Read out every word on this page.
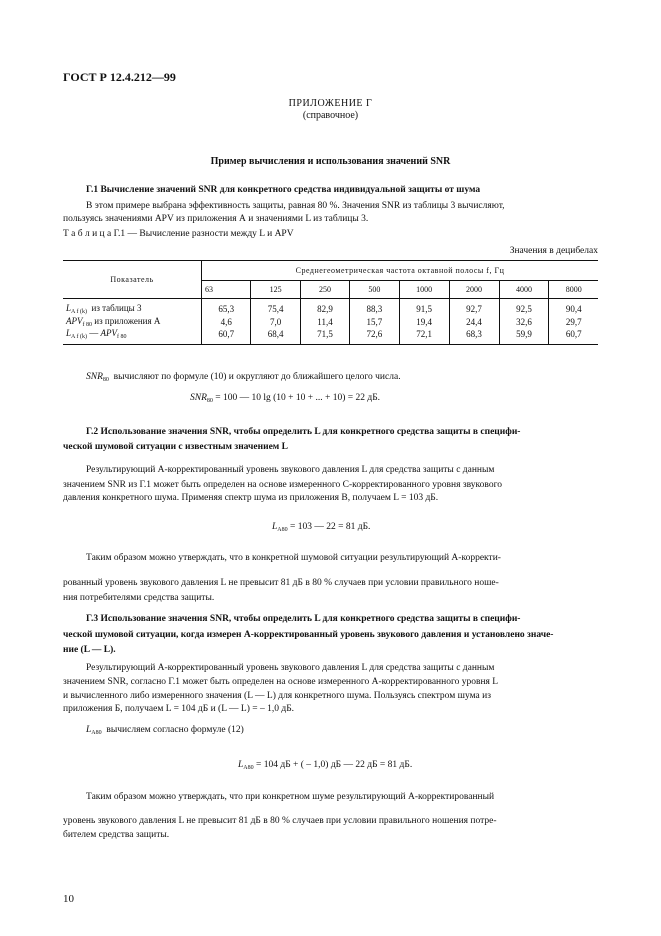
ГОСТ Р 12.4.212—99
ПРИЛОЖЕНИЕ Г
(справочное)
Пример вычисления и использования значений SNR
Г.1 Вычисление значений SNR для конкретного средства индивидуальной защиты от шума
В этом примере выбрана эффективность защиты, равная 80 %. Значения SNR из таблицы 3 вычисляют,
пользуясь значениями APV из приложения А и значениями L из таблицы 3.
Т а б л и ц а Г.1 — Вычисление разности между L и APV
Значения в децибелах
Показатель	Среднегеометрическая частота октавной полосы f, Гц							
	63	125	250	500	1000	2000	4000	8000
$L_{A f (k)}$ из таблицы 3	65,3	75,4	82,9	88,3	91,5	92,7	92,5	90,4
$APV_{f 80}$ из приложения А	4,6	7,0	11,4	15,7	19,4	24,4	32,6	29,7
$L_{A f (k)}$ — $APV_{f 80}$	60,7	68,4	71,5	72,6	72,1	68,3	59,9	60,7
$SNR_{80}$ вычисляют по формуле (10) и округляют до ближайшего целого числа.
$SNR_{80} = 100$ — 10 lg (10 + 10 + ... + 10) = 22 дБ.
Г.2 Использование значения SNR, чтобы определить L для конкретного средства защиты в специфи-
ческой шумовой ситуации с известным значением L
Результирующий A-корректированный уровень звукового давления L для средства защиты с данным
значением SNR из Г.1 может быть определен на основе измеренного C-корректированного уровня звукового
давления конкретного шума. Применяя спектр шума из приложения В, получаем L = 103 дБ.
$L_{A80} = 103$ — 22 = 81 дБ.
Таким образом можно утверждать, что в конкретной шумовой ситуации результирующий A-корректи-
рованный уровень звукового давления L не превысит 81 дБ в 80 % случаев при условии правильного ноше-
ния потребителями средства защиты.
Г.3 Использование значения SNR, чтобы определить L для конкретного средства защиты в специфи-
ческой шумовой ситуации, когда измерен A-корректированный уровень звукового давления и установлено значе-
ние (L — L).
Результирующий A-корректированный уровень звукового давления L для средства защиты с данным
значением SNR, согласно Г.1 может быть определен на основе измеренного A-корректированного уровня L
и вычисленного либо измеренного значения (L — L) для конкретного шума. Пользуясь спектром шума из
приложения Б, получаем L = 104 дБ и (L — L) = – 1,0 дБ.
$L_{A80}$ вычисляем согласно формуле (12)
$L_{A80} = 104$ дБ + ( – 1,0) дБ — 22 дБ = 81 дБ.
Таким образом можно утверждать, что при конкретном шуме результирующий A-корректированный
уровень звукового давления L не превысит 81 дБ в 80 % случаев при условии правильного ношения потре-
бителем средства защиты.
10
